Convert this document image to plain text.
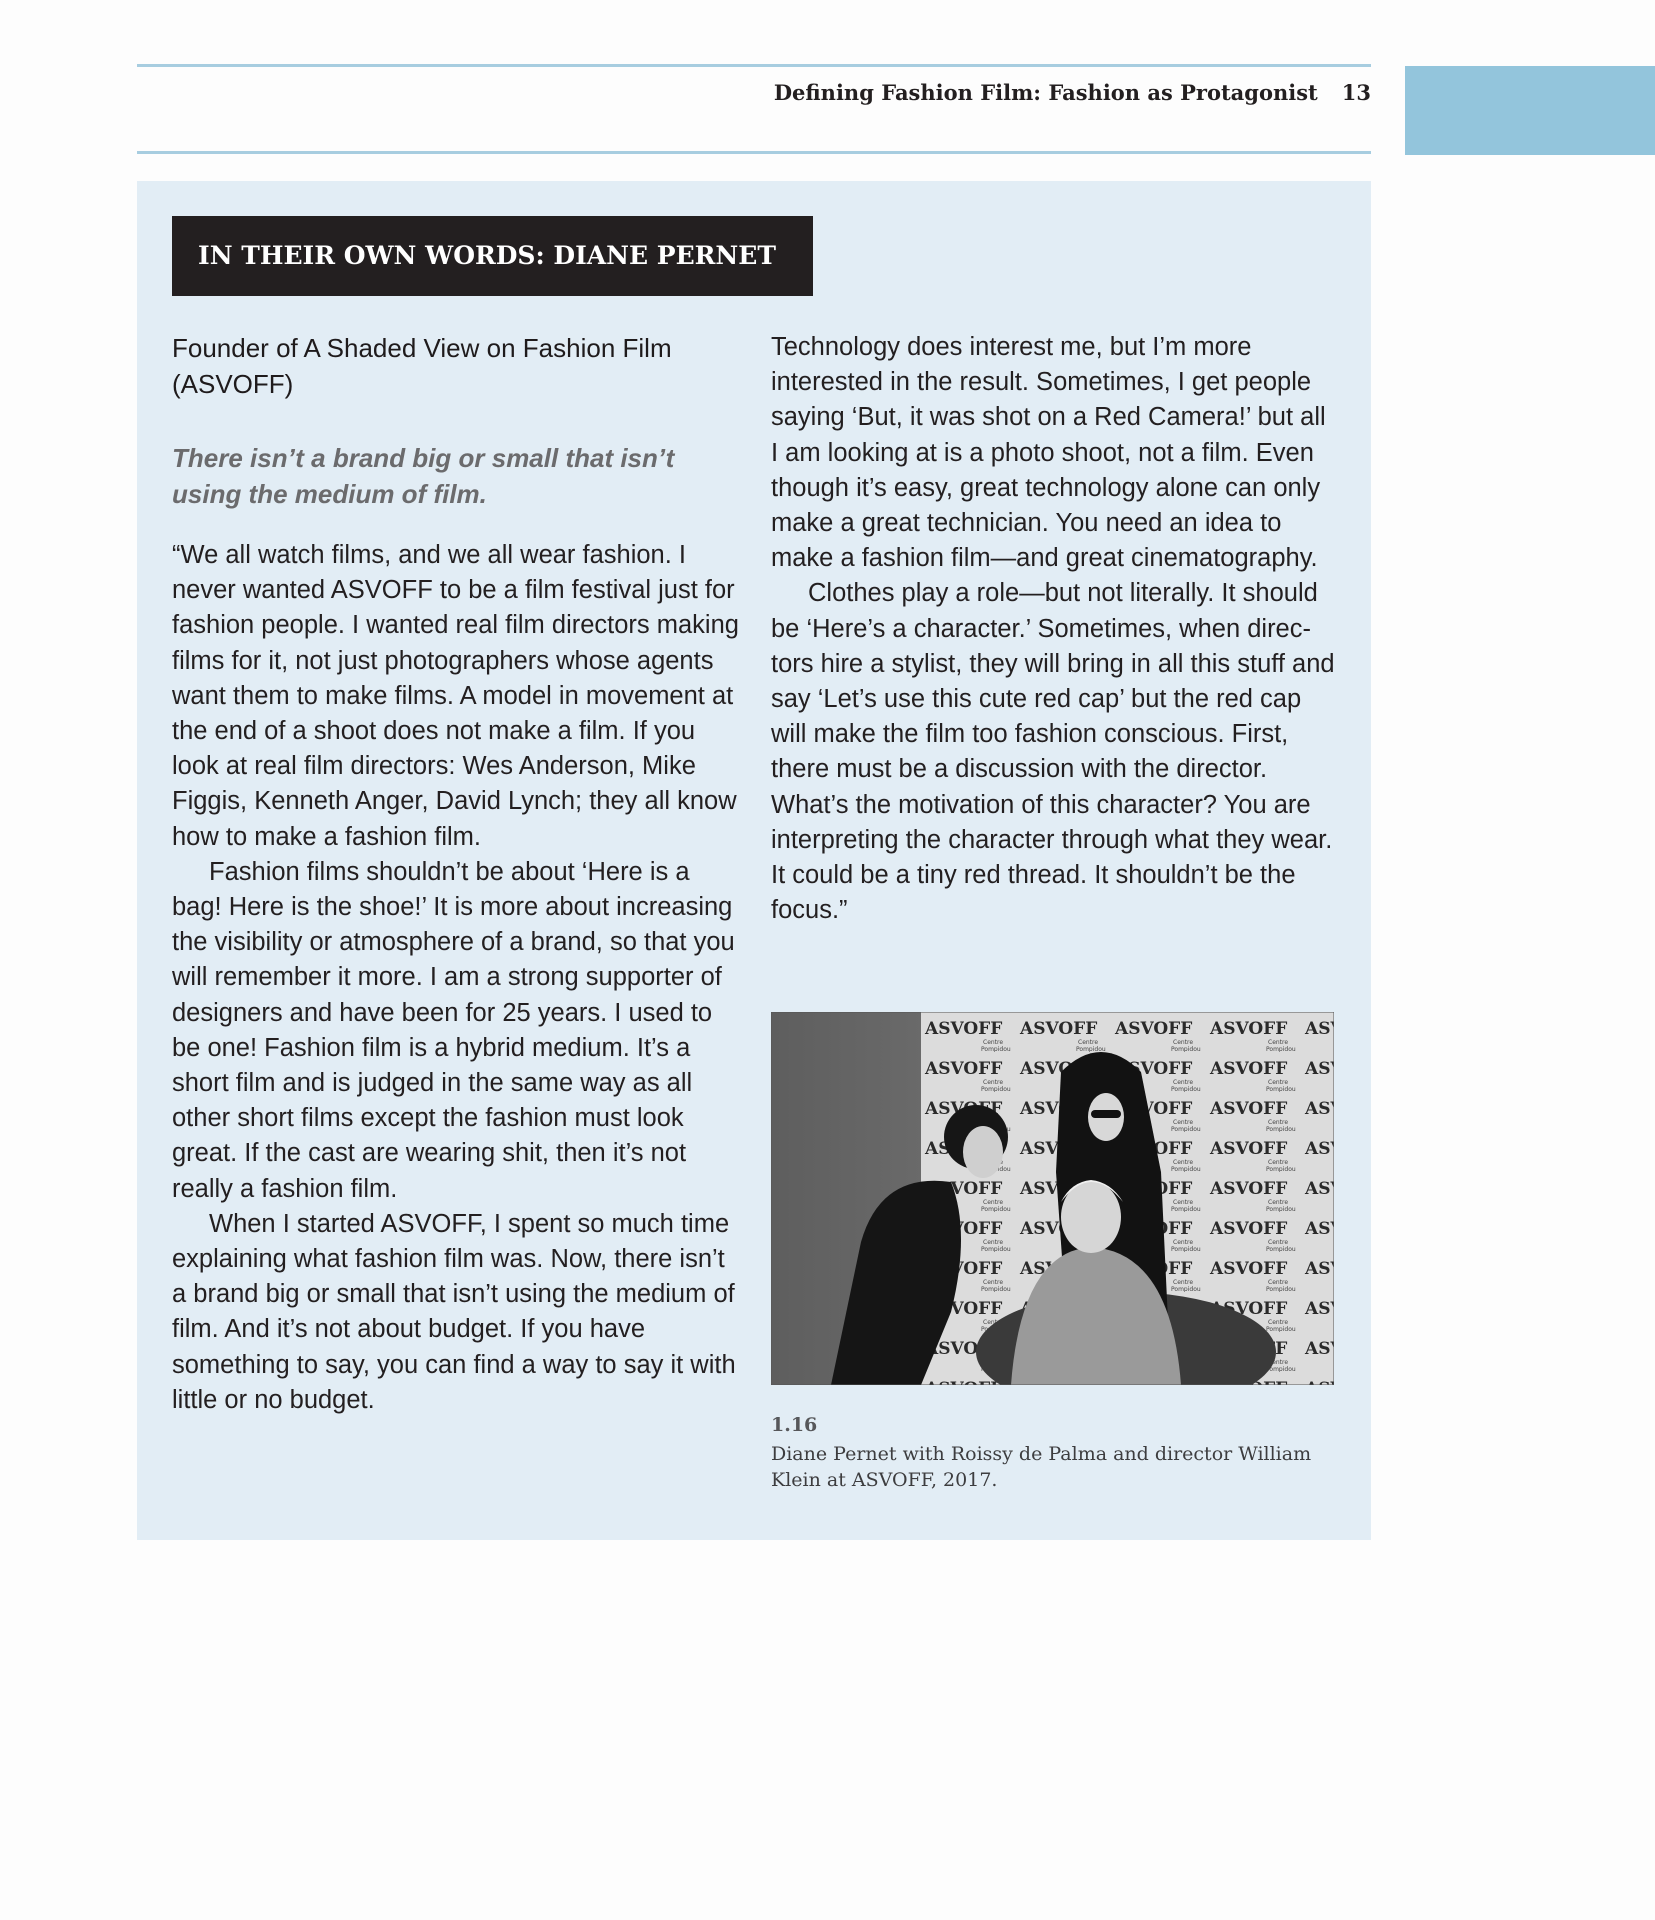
Defining Fashion Film: Fashion as Protagonist 13
IN THEIR OWN WORDS: DIANE PERNET

Founder of A Shaded View on Fashion Film (ASVOFF)

There isn’t a brand big or small that isn’t using the medium of film.

“We all watch films, and we all wear fashion. I never wanted ASVOFF to be a film festival just for fashion people. I wanted real film directors making films for it, not just photographers whose agents want them to make films. A model in movement at the end of a shoot does not make a film. If you look at real film directors: Wes Anderson, Mike Figgis, Kenneth Anger, David Lynch; they all know how to make a fashion film.

Fashion films shouldn’t be about ‘Here is a bag! Here is the shoe!’ It is more about increasing the visibility or atmosphere of a brand, so that you will remember it more. I am a strong supporter of designers and have been for 25 years. I used to be one! Fashion film is a hybrid medium. It’s a short film and is judged in the same way as all other short films except the fashion must look great. If the cast are wearing shit, then it’s not really a fashion film.

When I started ASVOFF, I spent so much time explaining what fashion film was. Now, there isn’t a brand big or small that isn’t using the medium of film. And it’s not about budget. If you have something to say, you can find a way to say it with little or no budget.

Technology does interest me, but I’m more interested in the result. Sometimes, I get people saying ‘But, it was shot on a Red Camera!’ but all I am looking at is a photo shoot, not a film. Even though it’s easy, great technology alone can only make a great technician. You need an idea to make a fashion film—and great cinematography.

Clothes play a role—but not literally. It should be ‘Here’s a character.’ Sometimes, when directors hire a stylist, they will bring in all this stuff and say ‘Let’s use this cute red cap’ but the red cap will make the film too fashion conscious. First, there must be a discussion with the director. What’s the motivation of this character? You are interpreting the character through what they wear. It could be a tiny red thread. It shouldn’t be the focus.”

1.16
Diane Pernet with Roissy de Palma and director William Klein at ASVOFF, 2017.
